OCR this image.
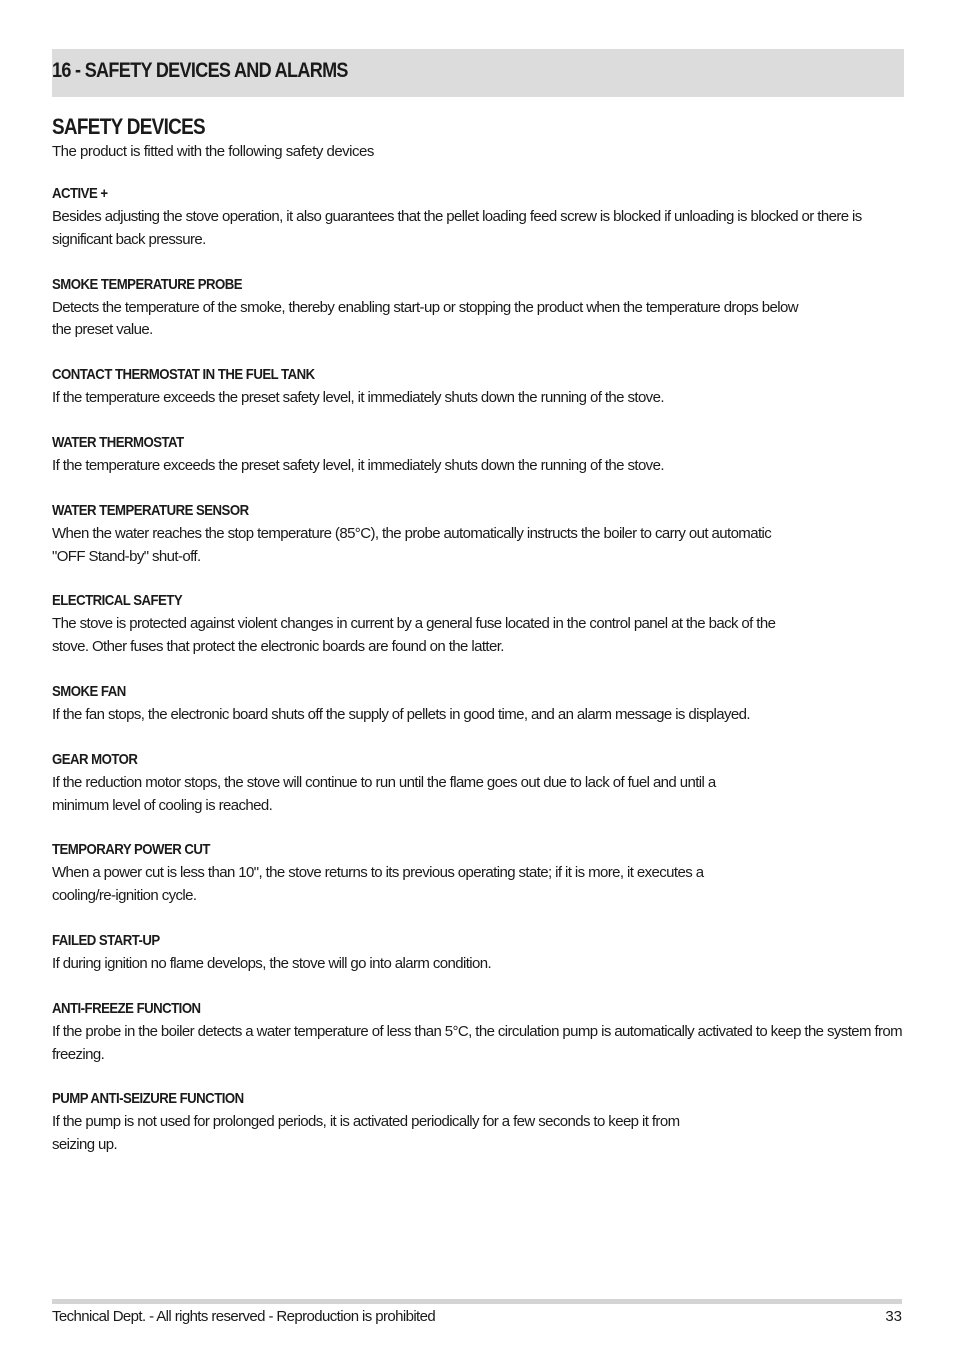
16 - SAFETY DEVICES AND ALARMS
SAFETY DEVICES

The product is fitted with the following safety devices

ACTIVE +
Besides adjusting the stove operation, it also guarantees that the pellet loading feed screw is blocked if unloading is blocked or there is significant back pressure.
SMOKE TEMPERATURE PROBE
Detects the temperature of the smoke, thereby enabling start-up or stopping the product when the temperature drops below the preset value.
CONTACT THERMOSTAT IN THE FUEL TANK
If the temperature exceeds the preset safety level, it immediately shuts down the running of the stove.
WATER THERMOSTAT
If the temperature exceeds the preset safety level, it immediately shuts down the running of the stove.
WATER TEMPERATURE SENSOR
When the water reaches the stop temperature (85°C), the probe automatically instructs the boiler to carry out automatic "OFF Stand-by" shut-off.
ELECTRICAL SAFETY
The stove is protected against violent changes in current by a general fuse located in the control panel at the back of the stove. Other fuses that protect the electronic boards are found on the latter.
SMOKE FAN
If the fan stops, the electronic board shuts off the supply of pellets in good time, and an alarm message is displayed.
GEAR MOTOR
If the reduction motor stops, the stove will continue to run until the flame goes out due to lack of fuel and until a minimum level of cooling is reached.
TEMPORARY POWER CUT
When a power cut is less than 10", the stove returns to its previous operating state; if it is more, it executes a cooling/re-ignition cycle.
FAILED START-UP
If during ignition no flame develops, the stove will go into alarm condition.
ANTI-FREEZE FUNCTION
If the probe in the boiler detects a water temperature of less than 5°C, the circulation pump is automatically activated to keep the system from freezing.
PUMP ANTI-SEIZURE FUNCTION
If the pump is not used for prolonged periods, it is activated periodically for a few seconds to keep it from seizing up.
Technical Dept. - All rights reserved - Reproduction is prohibited	33
